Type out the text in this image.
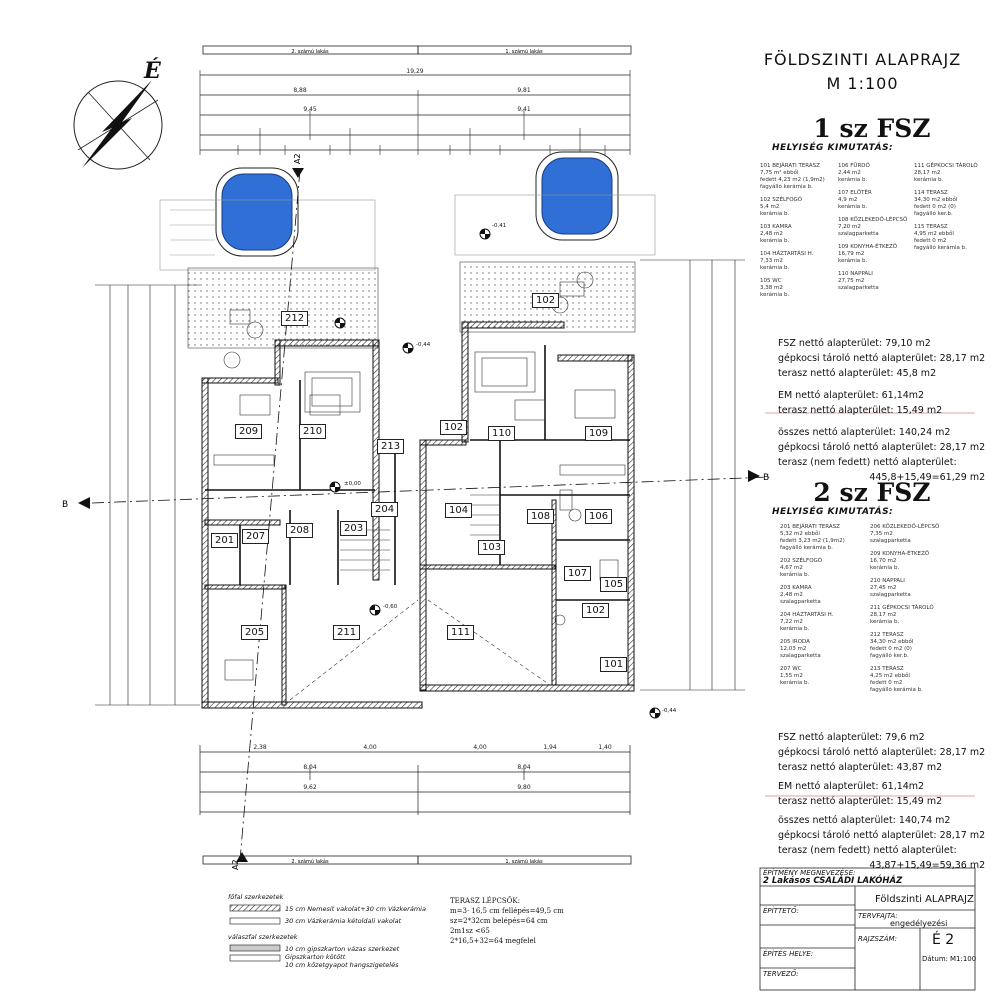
2. számú lakás	1. számú lakás
19,29
9,45	9,41
8,88	9,81
B
B
A2
A2
±0,00
-0,44
-0,60
-0,44
-0,41
8,04	8,04
9,62	9,80
2,38	4,00	4,00	1,94	1,40
2. számú lakás	1. számú lakás
212
209	210
213
201	207
208	203
204
205	211
102
110	109
104
108	106
103
107
105
102
111
101
102
É	FÖLDSZINTI ALAPRAJZ
M 1:100
1 sz FSZ
HELYISÉG KIMUTATÁS:
101 BEJÁRATI TERASZ
7,75 m² ebből
fedett 4,23 m2 (1,9m2)
fagyálló kerámia b.
102 SZÉLFOGÓ
5,4 m2
kerámia b.
103 KAMRA
2,48 m2
kerámia b.
104 HÁZTARTÁSI H.
7,33 m2
kerámia b.
105 WC
3,38 m2
kerámia b.
106 FÜRDŐ
2,44 m2
kerámia b.
107 ELŐTÉR
4,9 m2
kerámia b.
108 KÖZLEKEDŐ-LÉPCSŐ
7,20 m2
szalagparketta
109 KONYHA-ÉTKEZŐ
16,79 m2
kerámia b.
110 NAPPALI
27,75 m2
szalagparketta
111 GÉPKOCSI TÁROLÓ
28,17 m2
kerámia b.
114 TERASZ
34,30 m2 ebből
fedett 0 m2 (0)
fagyálló ker.b.
115 TERASZ
4,95 m2 ebből
fedett 0 m2
fagyálló kerámia b.
FSZ nettó alapterület: 79,10 m2
gépkocsi tároló nettó alapterület: 28,17 m2
terasz nettó alapterület: 45,8 m2
EM nettó alapterület: 61,14m2
terasz nettó alapterület: 15,49 m2
összes nettó alapterület: 140,24 m2
gépkocsi tároló nettó alapterület: 28,17 m2
terasz (nem fedett) nettó alapterület:
445,8+15,49=61,29 m2
2 sz FSZ
HELYISÉG KIMUTATÁS:
201 BEJÁRATI TERASZ
5,32 m2 ebből
fedett 3,23 m2 (1,9m2)
fagyálló kerámia b.
202 SZÉLFOGÓ
4,67 m2
kerámia b.
203 KAMRA
2,48 m2
szalagparketta
204 HÁZTARTÁSI H.
7,22 m2
kerámia b.
205 IRODA
12,03 m2
szalagparketta
207 WC
1,55 m2
kerámia b.
206 KÖZLEKEDŐ-LÉPCSŐ
7,35 m2
szalagparketta
209 KONYHA-ÉTKEZŐ
16,70 m2
kerámia b.
210 NAPPALI
27,45 m2
szalagparketta
211 GÉPKOCSI TÁROLÓ
28,17 m2
kerámia b.
212 TERASZ
34,30 m2 ebből
fedett 0 m2 (0)
fagyálló ker.b.
213 TERASZ
4,25 m2 ebből
fedett 0 m2
fagyálló kerámia b.
FSZ nettó alapterület: 79,6 m2
gépkocsi tároló nettó alapterület: 28,17 m2
terasz nettó alapterület: 43,87 m2
EM nettó alapterület: 61,14m2
terasz nettó alapterület: 15,49 m2
összes nettó alapterület: 140,74 m2
gépkocsi tároló nettó alapterület: 28,17 m2
terasz (nem fedett) nettó alapterület:
43,87+15,49=59,36 m2
főfal szerkezetek
15 cm Nemesit vakolat+30 cm Vázkerámia
30 cm Vázkerámia kétoldali vakolat
válaszfal szerkezetek
10 cm gipszkarton vázas szerkezet
Gipszkarton kötött
10 cm kőzetgyapot hangszigetelés
TERASZ LÉPCSŐK:
m=3· 16,5 cm fellépés=49,5 cm
sz=2*32cm belépés=64 cm
2m1sz <65
2*16,5+32=64 megfelel
ÉPÍTMÉNY MEGNEVEZÉSE:
2 Lakásos CSALÁDI LAKÓHÁZ
Földszinti ALAPRAJZ
TERVFAJTA:
engedélyezési
RAJZSZÁM:	É 2
ÉPÍTTETŐ:
ÉPÍTÉS HELYE:
TERVEZŐ:
Dátum: M1:100
